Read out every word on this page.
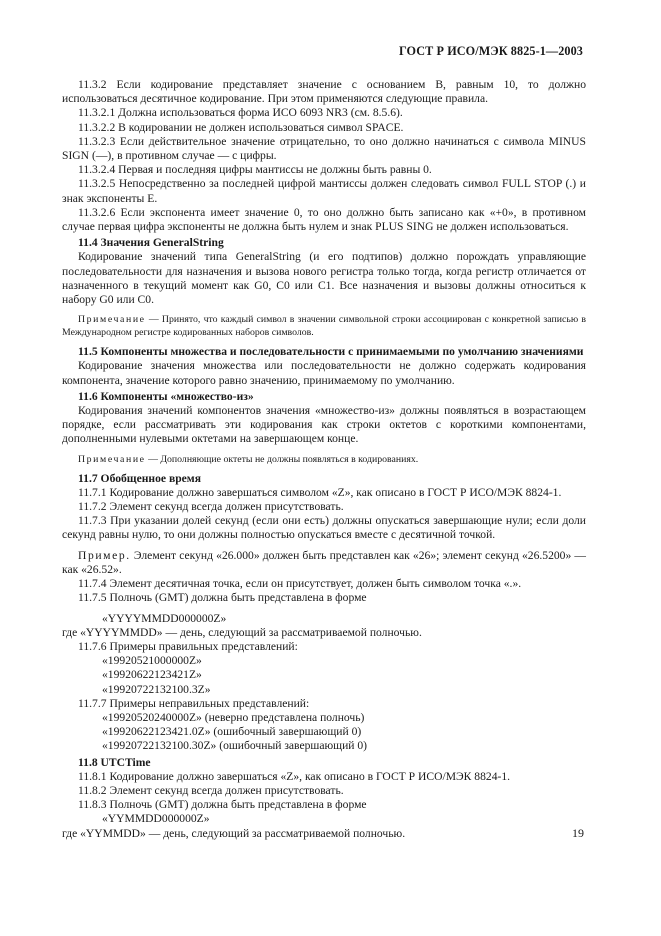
ГОСТ Р ИСО/МЭК 8825-1—2003

11.3.2 Если кодирование представляет значение с основанием B, равным 10, то должно использоваться десятичное кодирование. При этом применяются следующие правила.

11.3.2.1 Должна использоваться форма ИСО 6093 NR3 (см. 8.5.6).

11.3.2.2 В кодировании не должен использоваться символ SPACE.

11.3.2.3 Если действительное значение отрицательно, то оно должно начинаться с символа MINUS SIGN (—), в противном случае — с цифры.

11.3.2.4 Первая и последняя цифры мантиссы не должны быть равны 0.

11.3.2.5 Непосредственно за последней цифрой мантиссы должен следовать символ FULL STOP (.) и знак экспоненты E.

11.3.2.6 Если экспонента имеет значение 0, то оно должно быть записано как «+0», в противном случае первая цифра экспоненты не должна быть нулем и знак PLUS SING не должен использоваться.

11.4 Значения GeneralString

Кодирование значений типа GeneralString (и его подтипов) должно порождать управляющие последовательности для назначения и вызова нового регистра только тогда, когда регистр отличается от назначенного в текущий момент как G0, C0 или C1. Все назначения и вызовы должны относиться к набору G0 или C0.

Примечание — Принято, что каждый символ в значении символьной строки ассоциирован с конкретной записью в Международном регистре кодированных наборов символов.

11.5 Компоненты множества и последовательности с принимаемыми по умолчанию значениями

Кодирование значения множества или последовательности не должно содержать кодирования компонента, значение которого равно значению, принимаемому по умолчанию.

11.6 Компоненты «множество-из»

Кодирования значений компонентов значения «множество-из» должны появляться в возрастающем порядке, если рассматривать эти кодирования как строки октетов с короткими компонентами, дополненными нулевыми октетами на завершающем конце.

Примечание — Дополняющие октеты не должны появляться в кодированиях.

11.7 Обобщенное время

11.7.1 Кодирование должно завершаться символом «Z», как описано в ГОСТ Р ИСО/МЭК 8824-1.

11.7.2 Элемент секунд всегда должен присутствовать.

11.7.3 При указании долей секунд (если они есть) должны опускаться завершающие нули; если доли секунд равны нулю, то они должны полностью опускаться вместе с десятичной точкой.

Пример. Элемент секунд «26.000» должен быть представлен как «26»; элемент секунд «26.5200» — как «26.52».

11.7.4 Элемент десятичная точка, если он присутствует, должен быть символом точка «.».

11.7.5 Полночь (GMT) должна быть представлена в форме

«YYYYMMDD000000Z»

где «YYYYMMDD» — день, следующий за рассматриваемой полночью.

11.7.6 Примеры правильных представлений:

«19920521000000Z»

«19920622123421Z»

«19920722132100.3Z»

11.7.7 Примеры неправильных представлений:

«19920520240000Z» (неверно представлена полночь)

«19920622123421.0Z» (ошибочный завершающий 0)

«19920722132100.30Z» (ошибочный завершающий 0)

11.8 UTCTime

11.8.1 Кодирование должно завершаться «Z», как описано в ГОСТ Р ИСО/МЭК 8824-1.

11.8.2 Элемент секунд всегда должен присутствовать.

11.8.3 Полночь (GMT) должна быть представлена в форме

«YYMMDD000000Z»

где «YYMMDD» — день, следующий за рассматриваемой полночью.	19
